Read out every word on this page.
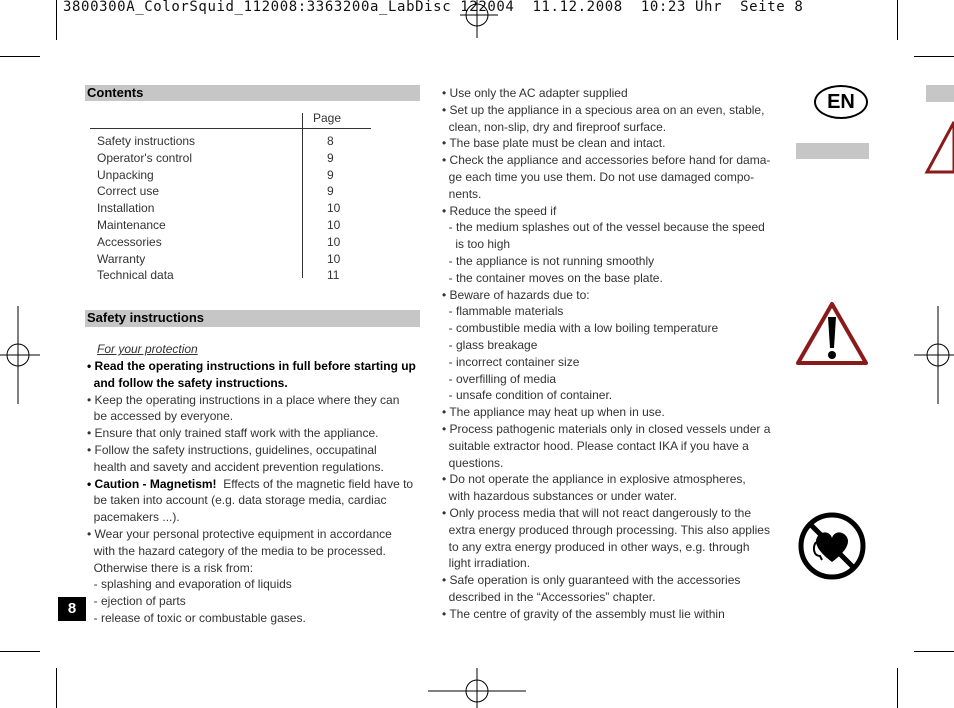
3800300A_ColorSquid_112008:3363200a_LabDisc 122004  11.12.2008  10:23 Uhr  Seite 8
Contents
Page
Safety instructions	8
Operator's control	9
Unpacking	9
Correct use	9
Installation	10
Maintenance	10
Accessories	10
Warranty	10
Technical data	11
Safety instructions
For your protection
• Read the operating instructions in full before starting up
and follow the safety instructions.
• Keep the operating instructions in a place where they can
be accessed by everyone.
• Ensure that only trained staff work with the appliance.
• Follow the safety instructions, guidelines, occupatinal
health and savety and accident prevention regulations.
• Caution - Magnetism!  Effects of the magnetic field have to
be taken into account (e.g. data storage media, cardiac
pacemakers ...).
• Wear your personal protective equipment in accordance
with the hazard category of the media to be processed.
Otherwise there is a risk from:
- splashing and evaporation of liquids
- ejection of parts
- release of toxic or combustable gases.
• Use only the AC adapter supplied
• Set up the appliance in a specious area on an even, stable,
clean, non-slip, dry and fireproof surface.
• The base plate must be clean and intact.
• Check the appliance and accessories before hand for dama-
ge each time you use them. Do not use damaged compo-
nents.
• Reduce the speed if
- the medium splashes out of the vessel because the speed
is too high
- the appliance is not running smoothly
- the container moves on the base plate.
• Beware of hazards due to:
- flammable materials
- combustible media with a low boiling temperature
- glass breakage
- incorrect container size
- overfilling of media
- unsafe condition of container.
• The appliance may heat up when in use.
• Process pathogenic materials only in closed vessels under a
suitable extractor hood. Please contact IKA if you have a
questions.
• Do not operate the appliance in explosive atmospheres,
with hazardous substances or under water.
• Only process media that will not react dangerously to the
extra energy produced through processing. This also applies
to any extra energy produced in other ways, e.g. through
light irradiation.
• Safe operation is only guaranteed with the accessories
described in the “Accessories” chapter.
• The centre of gravity of the assembly must lie within
EN
8
